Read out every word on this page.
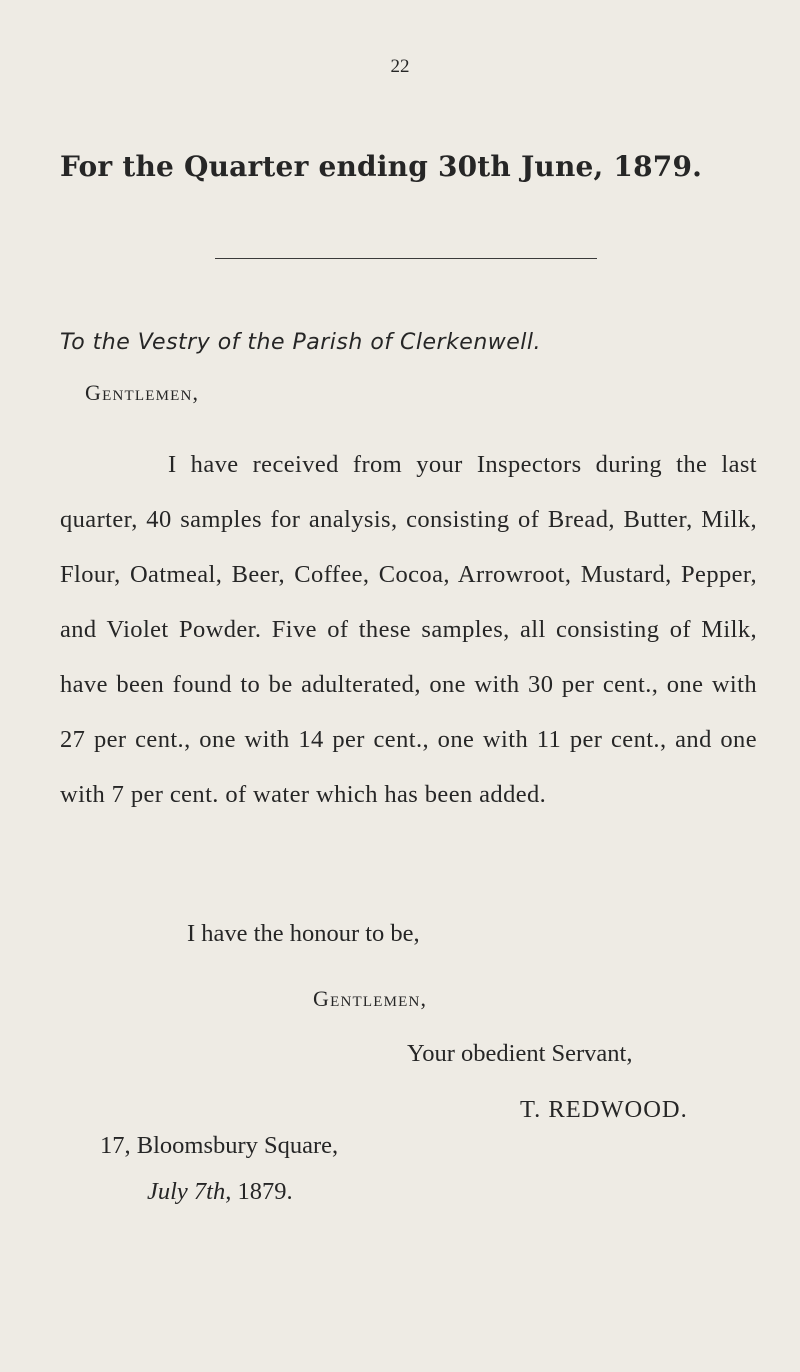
22
For the Quarter ending 30th June, 1879.
To the Vestry of the Parish of Clerkenwell.
Gentlemen,
I have received from your Inspectors during the last quarter, 40 samples for analysis, consisting of Bread, Butter, Milk, Flour, Oatmeal, Beer, Coffee, Cocoa, Arrowroot, Mustard, Pepper, and Violet Powder. Five of these samples, all consisting of Milk, have been found to be adulterated, one with 30 per cent., one with 27 per cent., one with 14 per cent., one with 11 per cent., and one with 7 per cent. of water which has been added.
I have the honour to be,
Gentlemen,
Your obedient Servant,
T. REDWOOD.
17, Bloomsbury Square,
July 7th, 1879.
